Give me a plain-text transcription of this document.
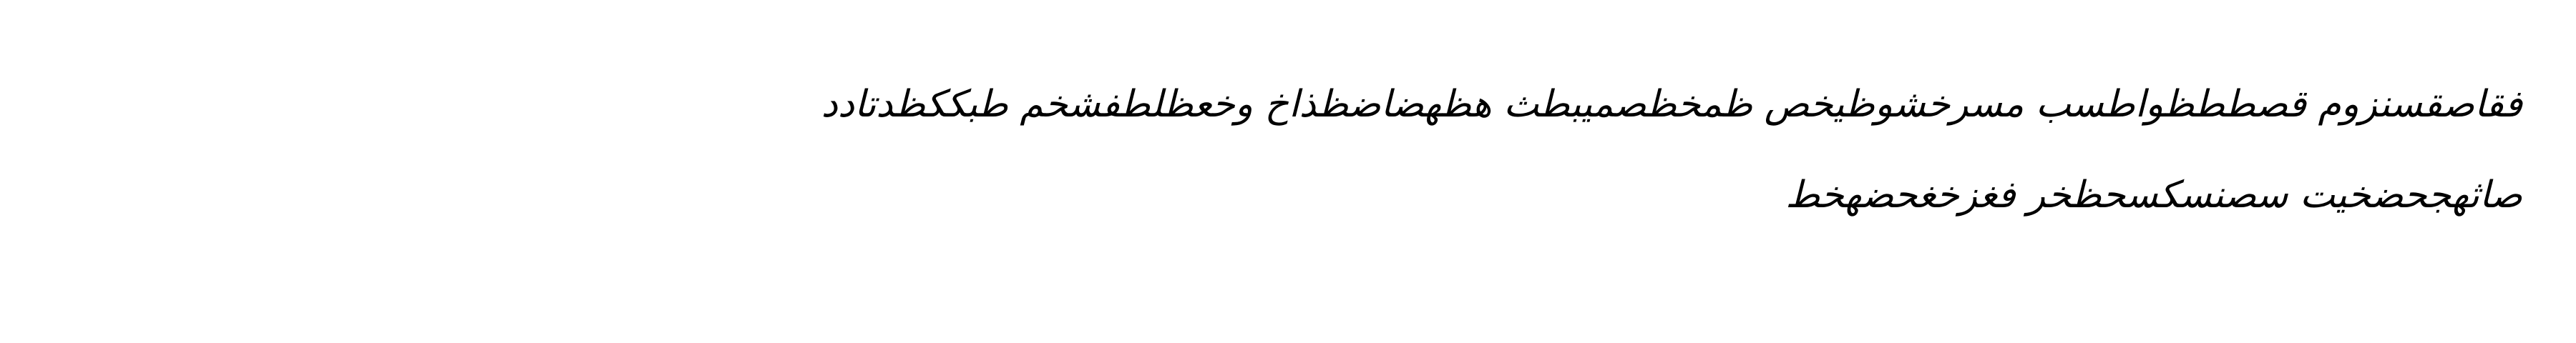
فقاصقسنزوم قصططظواطسب مسرخشوظيخص ظمخظصميبطث هظهضاضظذاخ وخعظلطفشخم طبككظدتادد
صاثهجحضخيت سصنسكسحظخر فغزخغحضهخط
